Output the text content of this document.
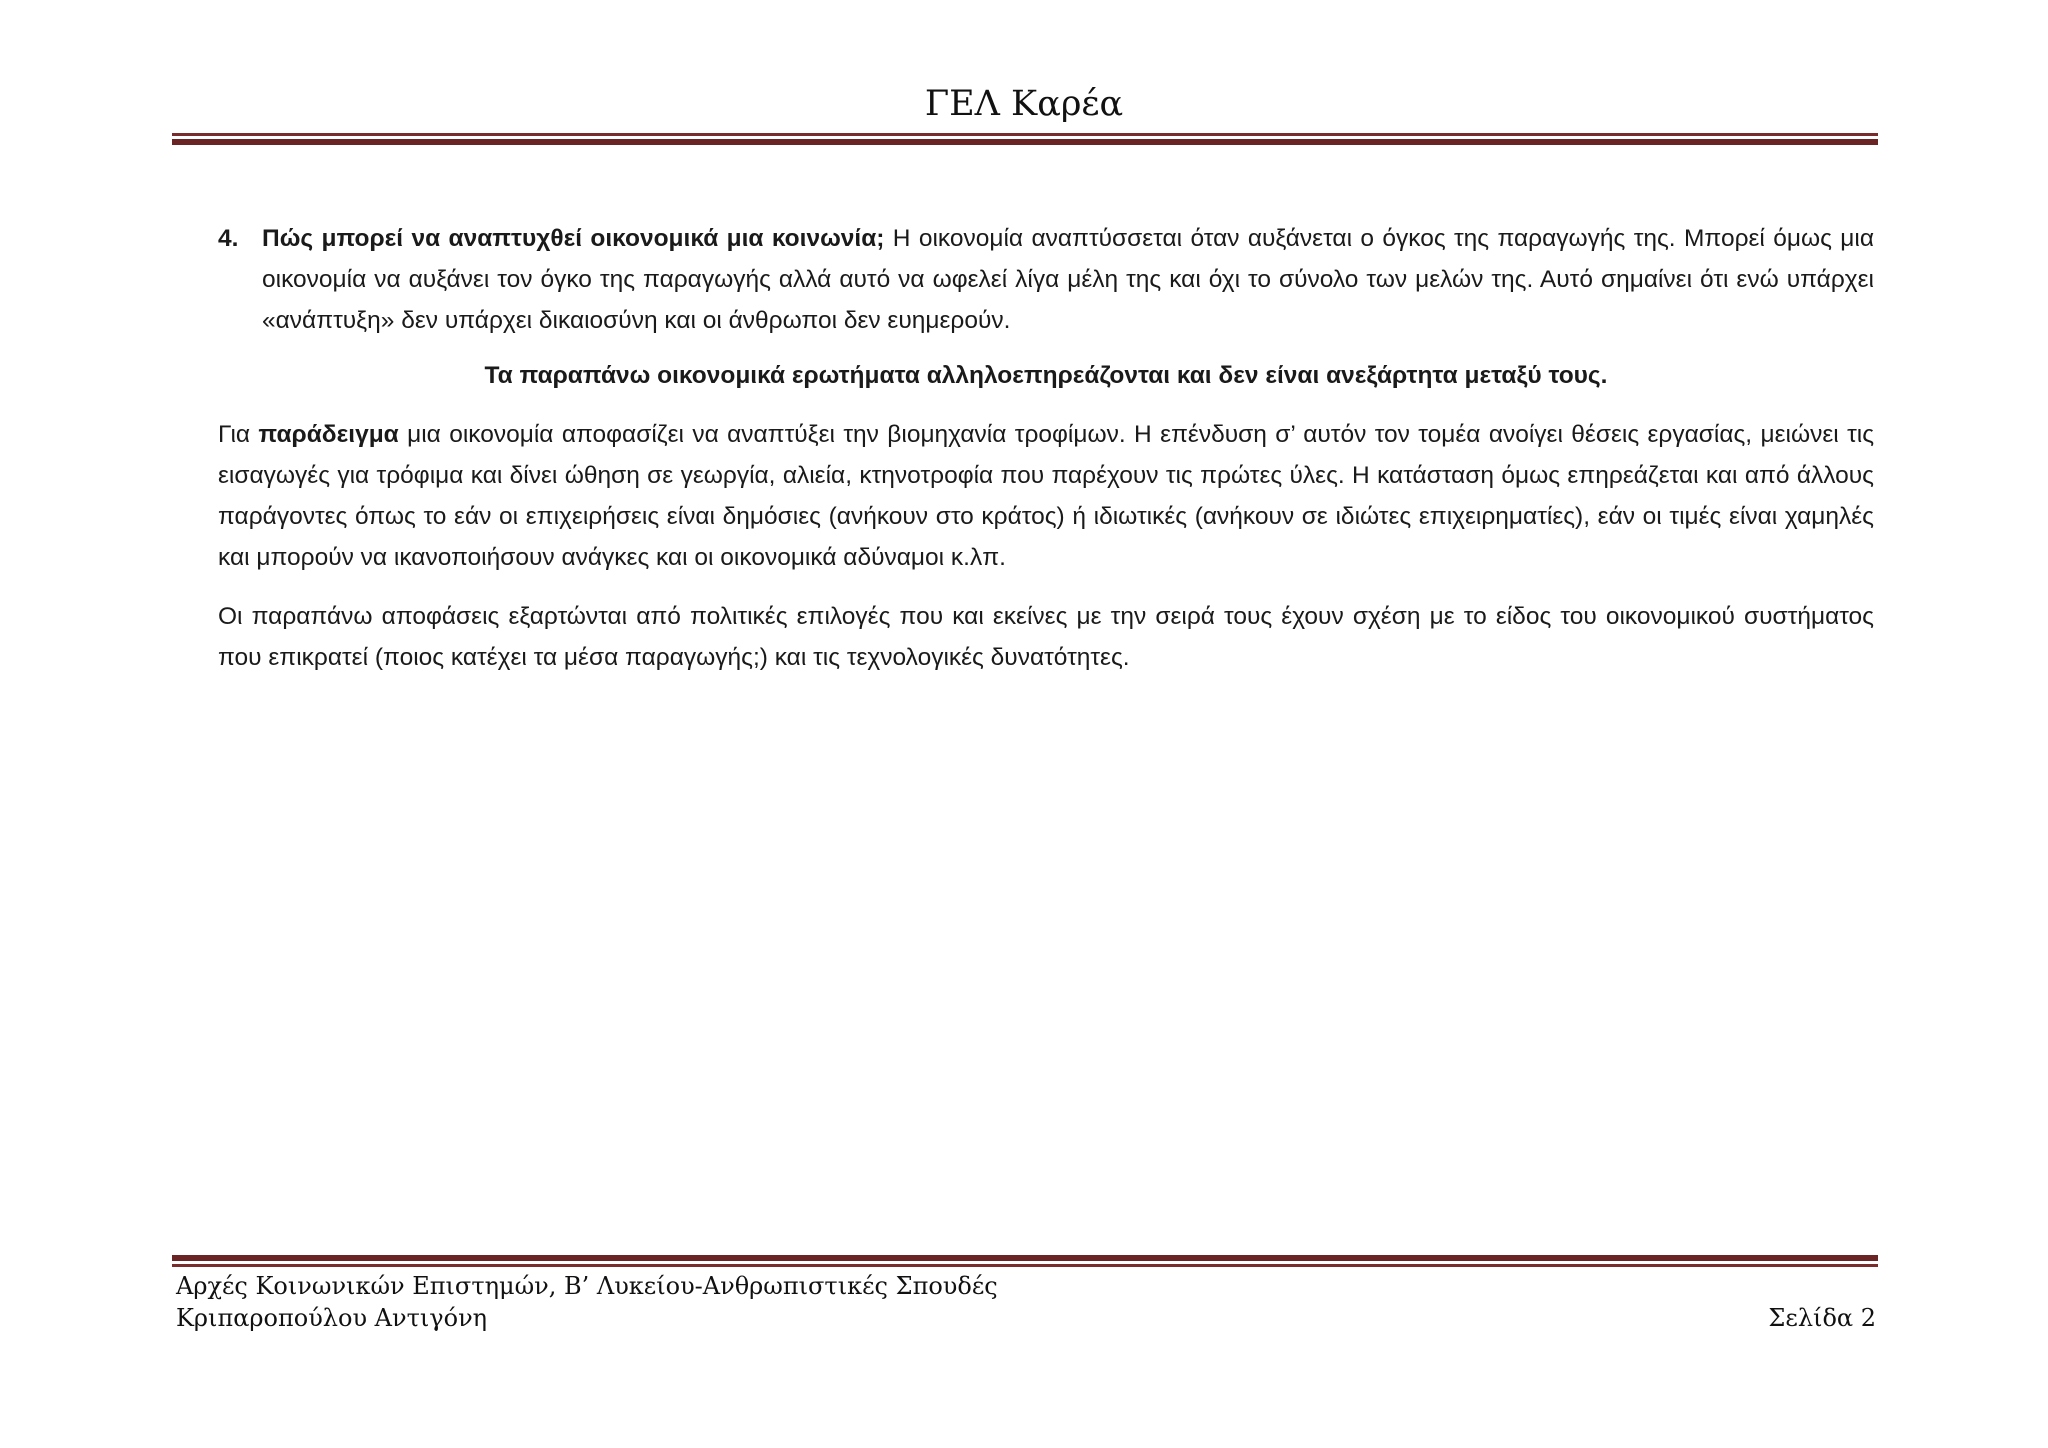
ΓΕΛ Καρέα
4. Πώς μπορεί να αναπτυχθεί οικονομικά μια κοινωνία; Η οικονομία αναπτύσσεται όταν αυξάνεται ο όγκος της παραγωγής της. Μπορεί όμως μια οικονομία να αυξάνει τον όγκο της παραγωγής αλλά αυτό να ωφελεί λίγα μέλη της και όχι το σύνολο των μελών της. Αυτό σημαίνει ότι ενώ υπάρχει «ανάπτυξη» δεν υπάρχει δικαιοσύνη και οι άνθρωποι δεν ευημερούν.
Τα παραπάνω οικονομικά ερωτήματα αλληλοεπηρεάζονται και δεν είναι ανεξάρτητα μεταξύ τους.
Για παράδειγμα μια οικονομία αποφασίζει να αναπτύξει την βιομηχανία τροφίμων. Η επένδυση σ’ αυτόν τον τομέα ανοίγει θέσεις εργασίας, μειώνει τις εισαγωγές για τρόφιμα και δίνει ώθηση σε γεωργία, αλιεία, κτηνοτροφία που παρέχουν τις πρώτες ύλες. Η κατάσταση όμως επηρεάζεται και από άλλους παράγοντες όπως το εάν οι επιχειρήσεις είναι δημόσιες (ανήκουν στο κράτος) ή ιδιωτικές (ανήκουν σε ιδιώτες επιχειρηματίες), εάν οι τιμές είναι χαμηλές και μπορούν να ικανοποιήσουν ανάγκες και οι οικονομικά αδύναμοι κ.λπ.
Οι παραπάνω αποφάσεις εξαρτώνται από πολιτικές επιλογές που και εκείνες με την σειρά τους έχουν σχέση με το είδος του οικονομικού συστήματος που επικρατεί (ποιος κατέχει τα μέσα παραγωγής;) και τις τεχνολογικές δυνατότητες.
Αρχές Κοινωνικών Επιστημών, Β’ Λυκείου-Ανθρωπιστικές Σπουδές
Κριπαροπούλου Αντιγόνη	Σελίδα 2
